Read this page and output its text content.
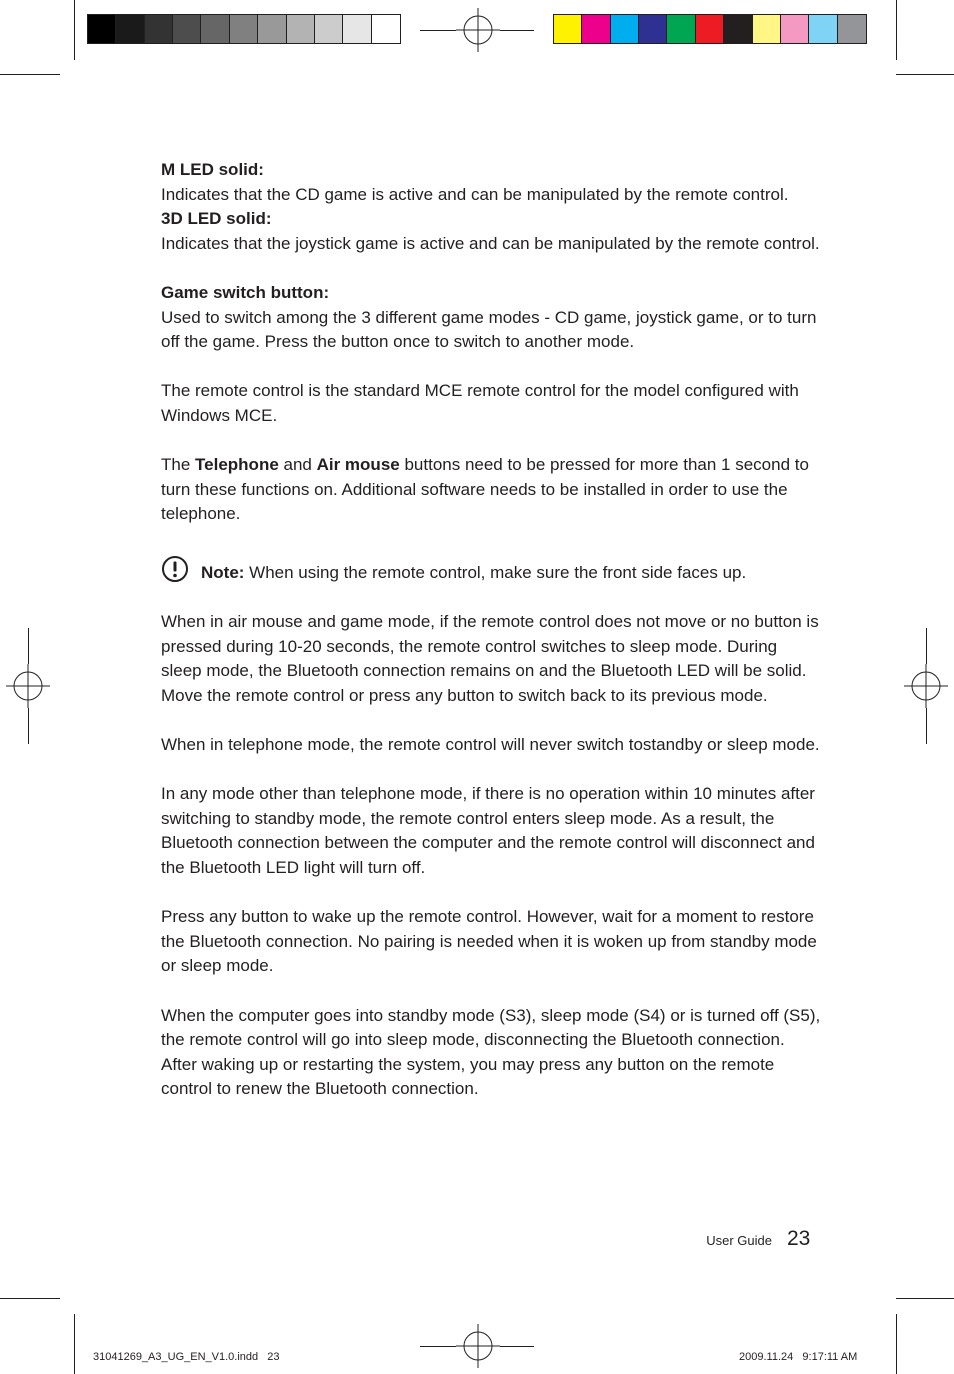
M LED solid:

Indicates that the CD game is active and can be manipulated by the remote control.

3D LED solid:

Indicates that the joystick game is active and can be manipulated by the remote control.

Game switch button:

Used to switch among the 3 different game modes - CD game, joystick game, or to turn off the game. Press the button once to switch to another mode.

The remote control is the standard MCE remote control for the model configured with Windows MCE.

The Telephone and Air mouse buttons need to be pressed for more than 1 second to turn these functions on. Additional software needs to be installed in order to use the telephone.

Note: When using the remote control, make sure the front side faces up.

When in air mouse and game mode, if the remote control does not move or no button is pressed during 10-20 seconds, the remote control switches to sleep mode. During sleep mode, the Bluetooth connection remains on and the Bluetooth LED will be solid. Move the remote control or press any button to switch back to its previous mode.

When in telephone mode, the remote control will never switch tostandby or sleep mode.

In any mode other than telephone mode, if there is no operation within 10 minutes after switching to standby mode, the remote control enters sleep mode. As a result, the Bluetooth connection between the computer and the remote control will disconnect and the Bluetooth LED light will turn off.

Press any button to wake up the remote control. However, wait for a moment to restore the Bluetooth connection. No pairing is needed when it is woken up from standby mode or sleep mode.

When the computer goes into standby mode (S3), sleep mode (S4) or is turned off (S5), the remote control will go into sleep mode, disconnecting the Bluetooth connection. After waking up or restarting the system, you may press any button on the remote control to renew the Bluetooth connection.

User Guide 23
31041269_A3_UG_EN_V1.0.indd   23	2009.11.24   9:17:11 AM
